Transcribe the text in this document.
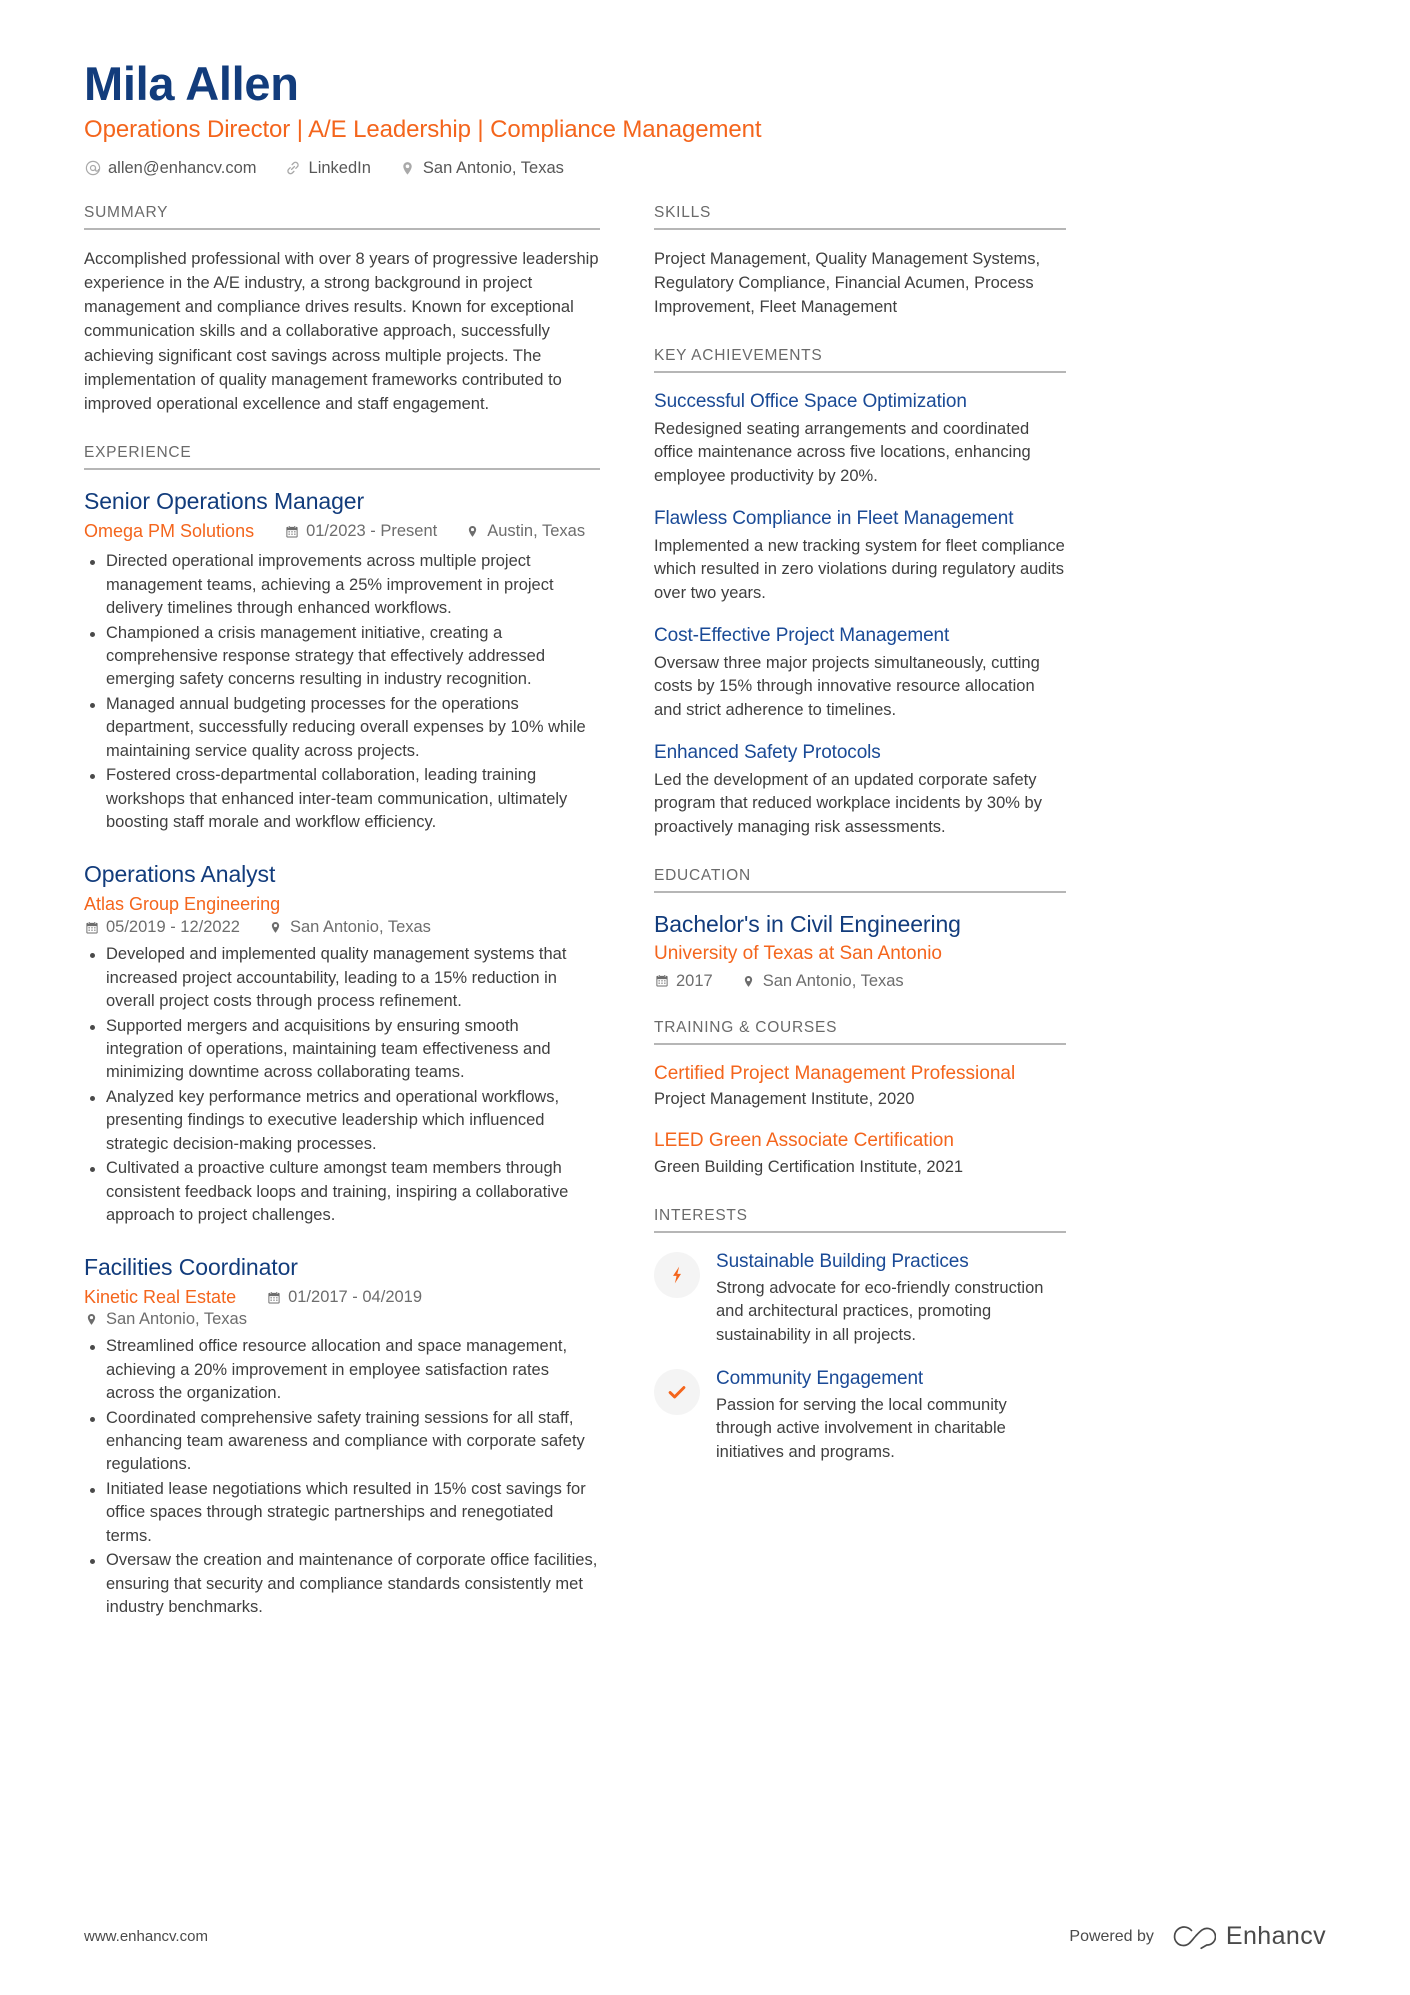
Mila Allen
Operations Director | A/E Leadership | Compliance Management
allen@enhancv.com	LinkedIn	San Antonio, Texas
SUMMARY
Accomplished professional with over 8 years of progressive leadership experience in the A/E industry, a strong background in project management and compliance drives results. Known for exceptional communication skills and a collaborative approach, successfully achieving significant cost savings across multiple projects. The implementation of quality management frameworks contributed to improved operational excellence and staff engagement.
EXPERIENCE
Senior Operations Manager
Omega PM Solutions	01/2023 - Present	Austin, Texas
Directed operational improvements across multiple project management teams, achieving a 25% improvement in project delivery timelines through enhanced workflows.
Championed a crisis management initiative, creating a comprehensive response strategy that effectively addressed emerging safety concerns resulting in industry recognition.
Managed annual budgeting processes for the operations department, successfully reducing overall expenses by 10% while maintaining service quality across projects.
Fostered cross-departmental collaboration, leading training workshops that enhanced inter-team communication, ultimately boosting staff morale and workflow efficiency.
Operations Analyst
Atlas Group Engineering
05/2019 - 12/2022	San Antonio, Texas
Developed and implemented quality management systems that increased project accountability, leading to a 15% reduction in overall project costs through process refinement.
Supported mergers and acquisitions by ensuring smooth integration of operations, maintaining team effectiveness and minimizing downtime across collaborating teams.
Analyzed key performance metrics and operational workflows, presenting findings to executive leadership which influenced strategic decision-making processes.
Cultivated a proactive culture amongst team members through consistent feedback loops and training, inspiring a collaborative approach to project challenges.
Facilities Coordinator
Kinetic Real Estate	01/2017 - 04/2019
San Antonio, Texas
Streamlined office resource allocation and space management, achieving a 20% improvement in employee satisfaction rates across the organization.
Coordinated comprehensive safety training sessions for all staff, enhancing team awareness and compliance with corporate safety regulations.
Initiated lease negotiations which resulted in 15% cost savings for office spaces through strategic partnerships and renegotiated terms.
Oversaw the creation and maintenance of corporate office facilities, ensuring that security and compliance standards consistently met industry benchmarks.
SKILLS
Project Management, Quality Management Systems, Regulatory Compliance, Financial Acumen, Process Improvement, Fleet Management
KEY ACHIEVEMENTS
Successful Office Space Optimization
Redesigned seating arrangements and coordinated office maintenance across five locations, enhancing employee productivity by 20%.
Flawless Compliance in Fleet Management
Implemented a new tracking system for fleet compliance which resulted in zero violations during regulatory audits over two years.
Cost-Effective Project Management
Oversaw three major projects simultaneously, cutting costs by 15% through innovative resource allocation and strict adherence to timelines.
Enhanced Safety Protocols
Led the development of an updated corporate safety program that reduced workplace incidents by 30% by proactively managing risk assessments.
EDUCATION
Bachelor's in Civil Engineering
University of Texas at San Antonio
2017	San Antonio, Texas
TRAINING & COURSES
Certified Project Management Professional
Project Management Institute, 2020
LEED Green Associate Certification
Green Building Certification Institute, 2021
INTERESTS
Sustainable Building Practices
Strong advocate for eco-friendly construction and architectural practices, promoting sustainability in all projects.
Community Engagement
Passion for serving the local community through active involvement in charitable initiatives and programs.
www.enhancv.com	Powered by	Enhancv
